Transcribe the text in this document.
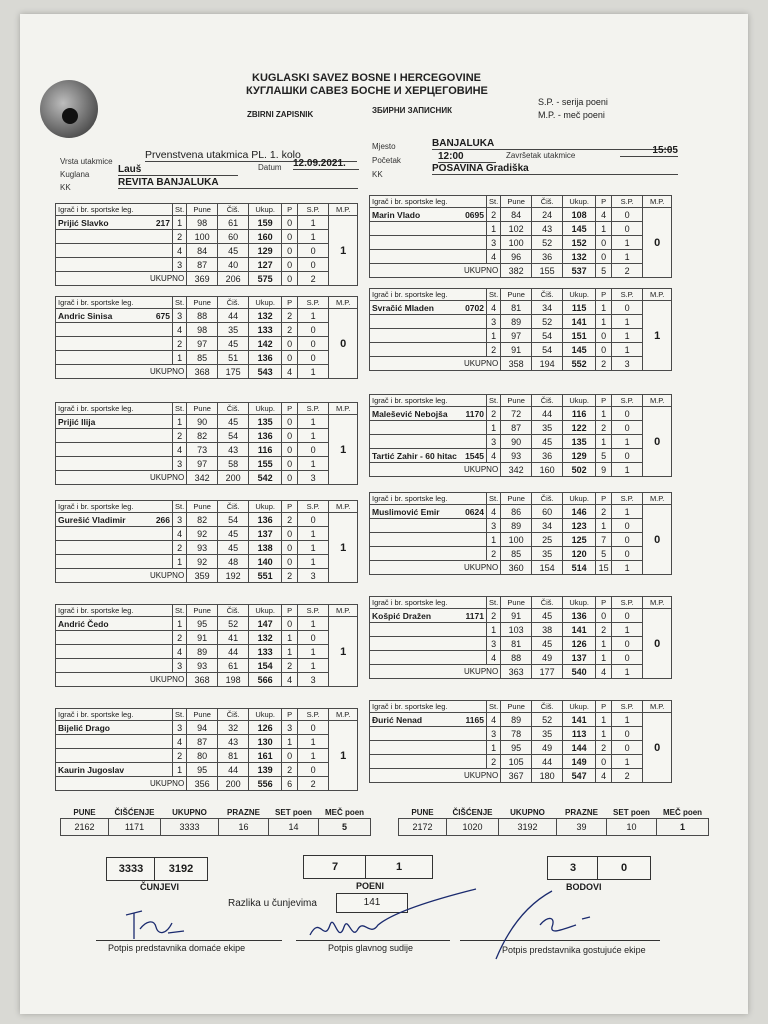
KUGLASKI SAVEZ BOSNE I HERCEGOVINE
КУГЛАШКИ САВЕЗ БОСНЕ И ХЕРЦЕГОВИНЕ
ZBIRNI ZAPISNIK	ЗБИРНИ ЗАПИСНИК
S.P. - serija poeni
M.P. - meč poeni
Vrsta utakmice
Prvenstvena utakmica PL. 1. kolo
Kuglana	Lauš	Datum 12.09.2021.
KK	REVITA BANJALUKA
Mjesto	BANJALUKA
Početak	12:00	Završetak utakmice	15:05
KK
POSAVINA Gradiška
Igrač i br. sportske leg.	St.	Pune	Čiš.	Ukup.	P	S.P.	M.P.
Prijić Slavko 217	1	98	61	159	0	1	1
	2	100	60	160	0	1	
	4	84	45	129	0	0	

	3	87	40	127	0	0	
UKUPNO		369	206	575	0	2	
Igrač i br. sportske leg.	St.	Pune	Čiš.	Ukup.	P	S.P.	M.P.
Marin Vlado 0695	2	84	24	108	4	0	0
	1	102	43	145	1	0	
	3	100	52	152	0	1	

	4	96	36	132	0	1	
UKUPNO		382	155	537	5	2	
Igrač i br. sportske leg.	St.	Pune	Čiš.	Ukup.	P	S.P.	M.P.
Andric Sinisa 675	3	88	44	132	2	1	0
	4	98	35	133	2	0	
	2	97	45	142	0	0	

	1	85	51	136	0	0	
UKUPNO		368	175	543	4	1	
Igrač i br. sportske leg.	St.	Pune	Čiš.	Ukup.	P	S.P.	M.P.
Svračić Mladen 0702	4	81	34	115	1	0	1
	3	89	52	141	1	1	
	1	97	54	151	0	1	

	2	91	54	145	0	1	
UKUPNO		358	194	552	2	3	
Igrač i br. sportske leg.	St.	Pune	Čiš.	Ukup.	P	S.P.	M.P.
Prijić Ilija	1	90	45	135	0	1	1
	2	82	54	136	0	1	
	4	73	43	116	0	0	

	3	97	58	155	0	1	
UKUPNO		342	200	542	0	3	
Igrač i br. sportske leg.	St.	Pune	Čiš.	Ukup.	P	S.P.	M.P.
Malešević Nebojša 1170	2	72	44	116	1	0	0
	1	87	35	122	2	0	
	3	90	45	135	1	1	
Tartić Zahir - 60 hitac 1545	4	93	36	129	5	0	
UKUPNO		342	160	502	9	1	
Igrač i br. sportske leg.	St.	Pune	Čiš.	Ukup.	P	S.P.	M.P.
Gurešić Vladimir 266	3	82	54	136	2	0	1
	4	92	45	137	0	1	
	2	93	45	138	0	1	

	1	92	48	140	0	1	
UKUPNO		359	192	551	2	3	
Igrač i br. sportske leg.	St.	Pune	Čiš.	Ukup.	P	S.P.	M.P.
Muslimović Emir 0624	4	86	60	146	2	1	0
	3	89	34	123	1	0	
	1	100	25	125	7	0	

	2	85	35	120	5	0	
UKUPNO		360	154	514	15	1	
Igrač i br. sportske leg.	St.	Pune	Čiš.	Ukup.	P	S.P.	M.P.
Andrić Čedo	1	95	52	147	0	1	1
	2	91	41	132	1	0	
	4	89	44	133	1	1	

	3	93	61	154	2	1	
UKUPNO		368	198	566	4	3	
Igrač i br. sportske leg.	St.	Pune	Čiš.	Ukup.	P	S.P.	M.P.
Košpić Dražen 1171	2	91	45	136	0	0	0
	1	103	38	141	2	1	
	3	81	45	126	1	0	

	4	88	49	137	1	0	
UKUPNO		363	177	540	4	1	
Igrač i br. sportske leg.	St.	Pune	Čiš.	Ukup.	P	S.P.	M.P.
Bijelić Drago	3	94	32	126	3	0	1
	4	87	43	130	1	1	
	2	80	81	161	0	1	
Kaurin Jugoslav	1	95	44	139	2	0	
UKUPNO		356	200	556	6	2	
Igrač i br. sportske leg.	St.	Pune	Čiš.	Ukup.	P	S.P.	M.P.
Đurić Nenad 1165	4	89	52	141	1	1	0
	3	78	35	113	1	0	
	1	95	49	144	2	0	

	2	105	44	149	0	1	
UKUPNO		367	180	547	4	2	
PUNE	ČIŠĆENJE	UKUPNO	PRAZNE	SET poen	MEČ poen
2162	1171	3333	16	14	5
PUNE	ČIŠĆENJE	UKUPNO	PRAZNE	SET poen	MEČ poen
2172	1020	3192	39	10	1
3333	3192
ČUNJEVI
7	1
POENI
3	0
BODOVI
Razlika u čunjevima	141
Potpis predstavnika domaće ekipe	Potpis glavnog sudije	Potpis predstavnika gostujuće ekipe
